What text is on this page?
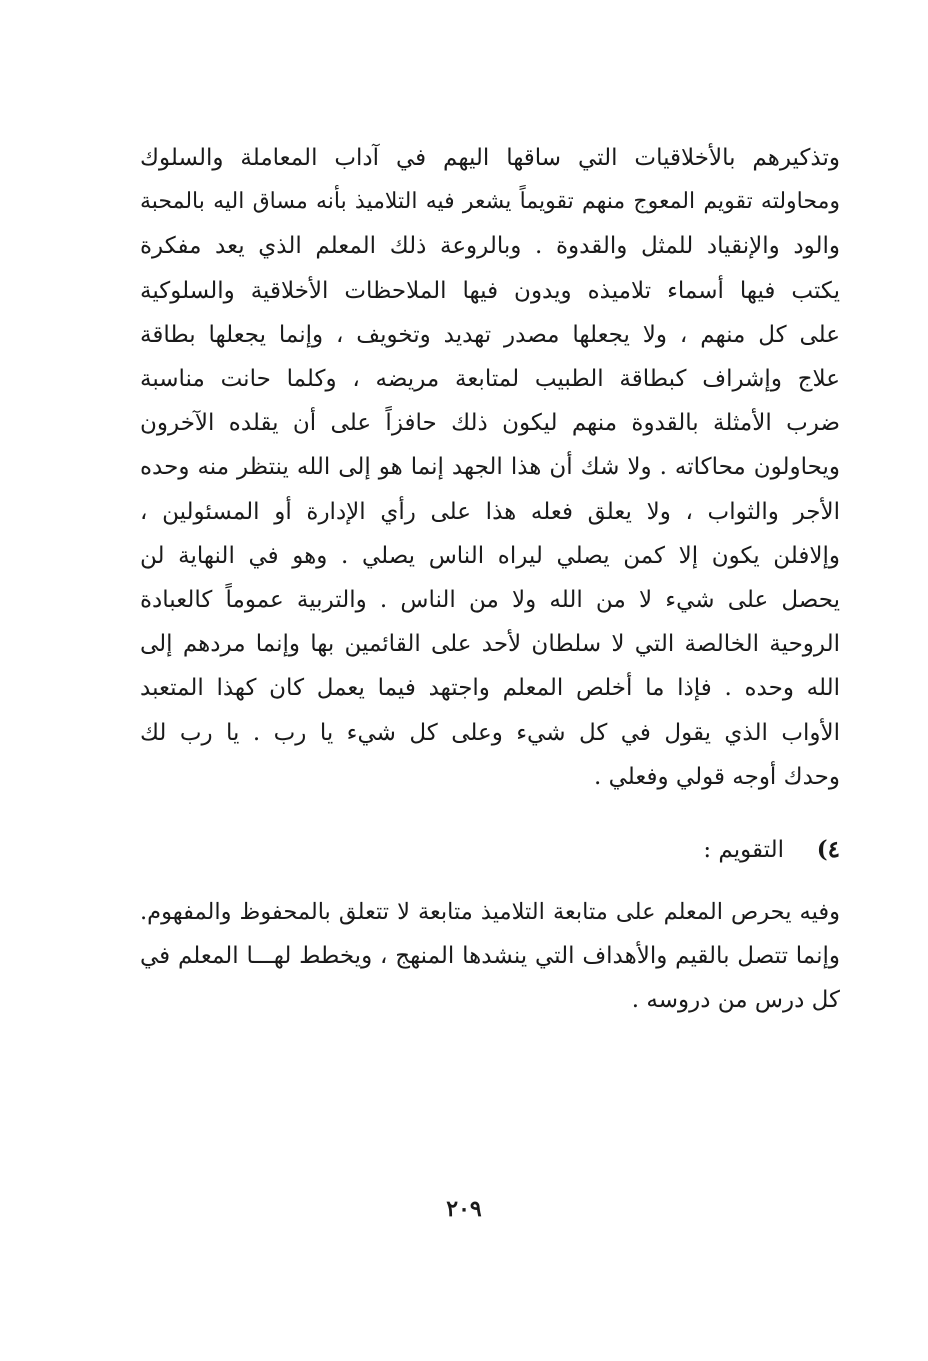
وتذكيرهم بالأخلاقيات التي ساقها اليهم في آداب المعاملة والسلوك
ومحاولته تقويم المعوج منهم تقويماً يشعر فيه التلاميذ بأنه مساق اليه بالمحبة
والود والإنقياد للمثل والقدوة . وبالروعة ذلك المعلم الذي يعد مفكرة
يكتب فيها أسماء تلاميذه ويدون فيها الملاحظات الأخلاقية والسلوكية
على كل منهم ، ولا يجعلها مصدر تهديد وتخويف ، وإنما يجعلها بطاقة
علاج وإشراف كبطاقة الطبيب لمتابعة مريضه ، وكلما حانت مناسبة
ضرب الأمثلة بالقدوة منهم ليكون ذلك حافزاً على أن يقلده الآخرون
ويحاولون محاكاته . ولا شك أن هذا الجهد إنما هو إلى الله ينتظر منه وحده
الأجر والثواب ، ولا يعلق فعله هذا على رأي الإدارة أو المسئولين ،
وإلافلن يكون إلا كمن يصلي ليراه الناس يصلي . وهو في النهاية لن
يحصل على شيء لا من الله ولا من الناس . والتربية عموماً كالعبادة
الروحية الخالصة التي لا سلطان لأحد على القائمين بها وإنما مردهم إلى
الله وحده . فإذا ما أخلص المعلم واجتهد فيما يعمل كان كهذا المتعبد
الأواب الذي يقول في كل شيء وعلى كل شيء يا رب . يا رب لك
وحدك أوجه قولي وفعلي .
٤)التقويم :
وفيه يحرص المعلم على متابعة التلاميذ متابعة لا تتعلق بالمحفوظ والمفهوم.
وإنما تتصل بالقيم والأهداف التي ينشدها المنهج ، ويخطط لهـــا المعلم في
كل درس من دروسه .
٢٠٩
